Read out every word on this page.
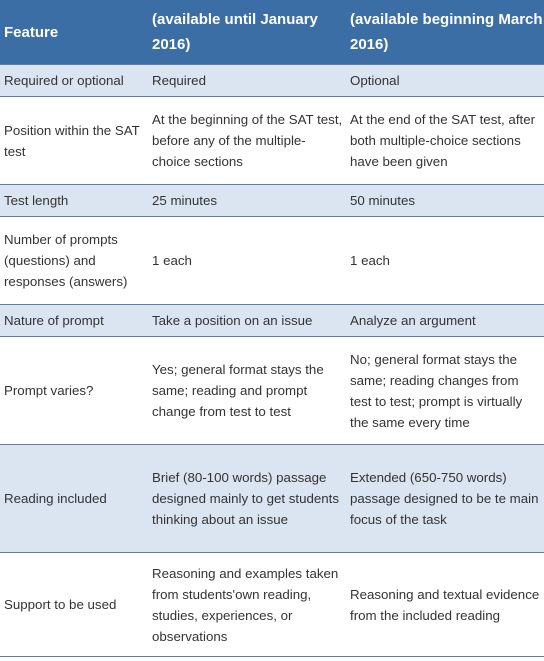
Feature	(available until January 2016)	(available beginning March 2016)
Required or optional	Required	Optional
Position within the SAT test	At the beginning of the SAT test, before any of the multiple-choice sections	At the end of the SAT test, after both multiple-choice sections have been given
Test length	25 minutes	50 minutes
Number of prompts (questions) and responses (answers)	1 each	1 each
Nature of prompt	Take a position on an issue	Analyze an argument
Prompt varies?	Yes; general format stays the same; reading and prompt change from test to test	No; general format stays the same; reading changes from test to test; prompt is virtually the same every time
Reading included	Brief (80-100 words) passage designed mainly to get students thinking about an issue	Extended (650-750 words) passage designed to be te main focus of the task
Support to be used	Reasoning and examples taken from students'own reading, studies, experiences, or observations	Reasoning and textual evidence from the included reading
